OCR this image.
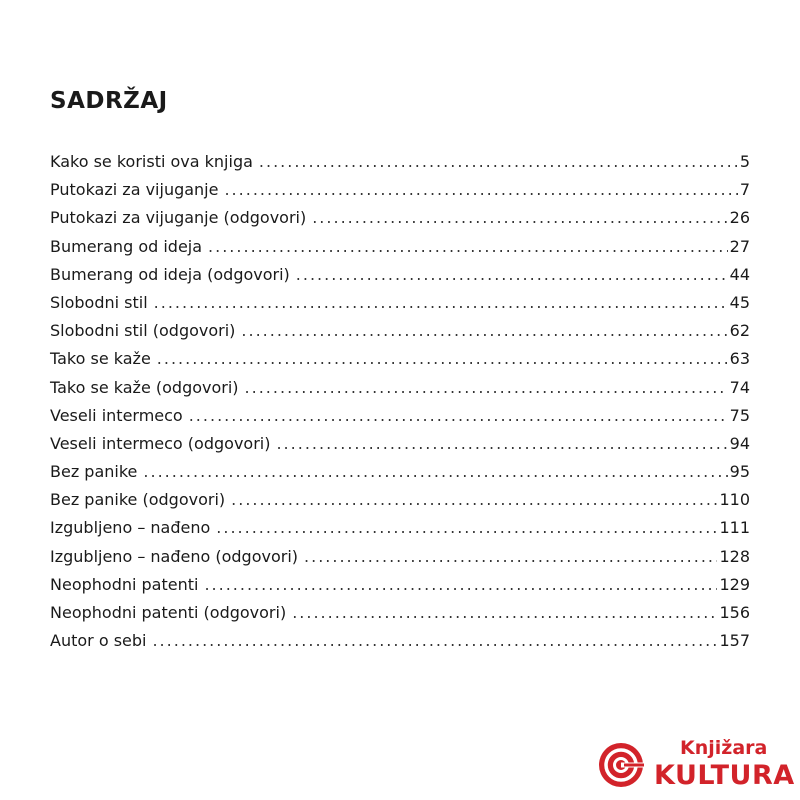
SADRŽAJ
Kako se koristi ova knjiga .....	5
Putokazi za vijuganje .....	7
Putokazi za vijuganje (odgovori) .....	26
Bumerang od ideja .....	27
Bumerang od ideja (odgovori) .....	44
Slobodni stil .....	45
Slobodni stil (odgovori) .....	62
Tako se kaže .....	63
Tako se kaže (odgovori) .....	74
Veseli intermeco .....	75
Veseli intermeco (odgovori) .....	94
Bez panike .....	95
Bez panike (odgovori) .....	110
Izgubljeno – nađeno .....	111
Izgubljeno – nađeno (odgovori) .....	128
Neophodni patenti .....	129
Neophodni patenti (odgovori) .....	156
Autor o sebi .....	157
Knjižara
KULTURA
